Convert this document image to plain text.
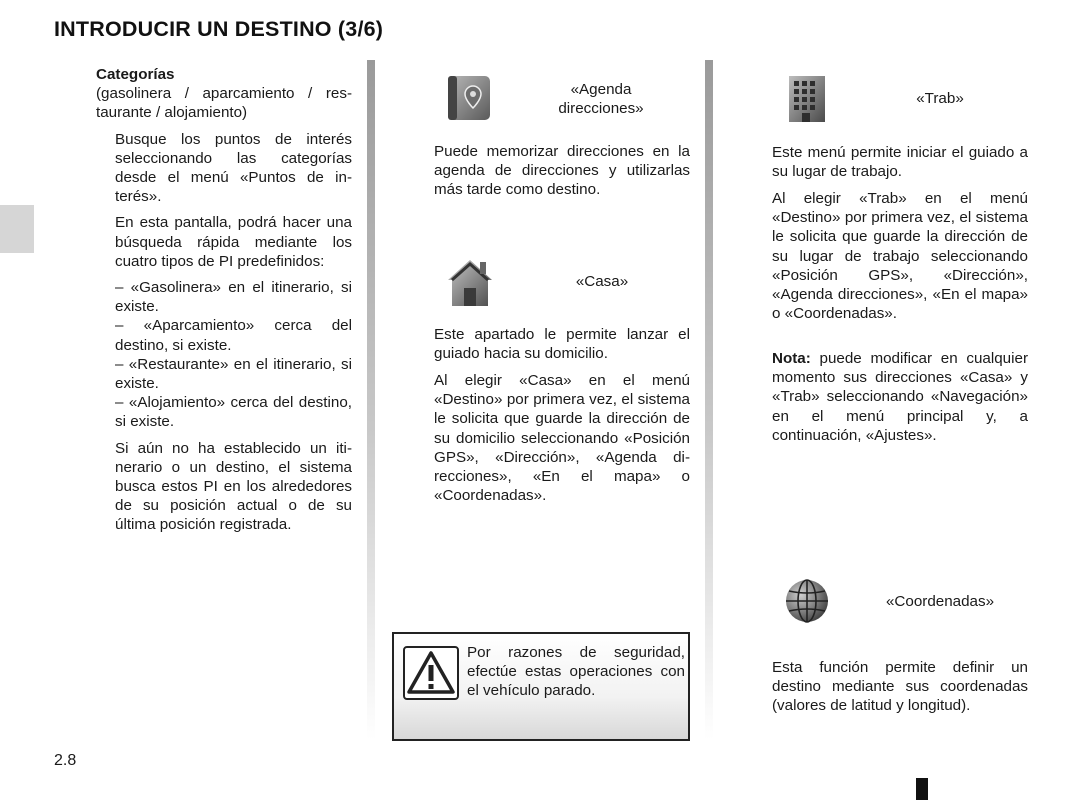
INTRODUCIR UN DESTINO (3/6)
Categorías

(gasolinera / aparcamiento / restaurante / alojamiento)

Busque los puntos de interés seleccionando las categorías desde el menú «Puntos de interés».

En esta pantalla, podrá hacer una búsqueda rápida mediante los cuatro tipos de PI predefinidos:

– «Gasolinera» en el itinerario, si existe.

– «Aparcamiento» cerca del destino, si existe.

– «Restaurante» en el itinerario, si existe.

– «Alojamiento» cerca del destino, si existe.

Si aún no ha establecido un itinerario o un destino, el sistema busca estos PI en los alrededores de su posición actual o de su última posición registrada.

«Agenda direcciones»
Puede memorizar direcciones en la agenda de direcciones y utilizarlas más tarde como destino.
«Casa»
Este apartado le permite lanzar el guiado hacia su domicilio.
Al elegir «Casa» en el menú «Destino» por primera vez, el sistema le solicita que guarde la dirección de su domicilio seleccionando «Posición GPS», «Dirección», «Agenda direcciones», «En el mapa» o «Coordenadas».
Por razones de seguridad, efectúe estas operaciones con el vehículo parado.
«Trab»
Este menú permite iniciar el guiado a su lugar de trabajo.
Al elegir «Trab» en el menú «Destino» por primera vez, el sistema le solicita que guarde la dirección de su lugar de trabajo seleccionando «Posición GPS», «Dirección», «Agenda direcciones», «En el mapa» o «Coordenadas».
Nota: puede modificar en cualquier momento sus direcciones «Casa» y «Trab» seleccionando «Navegación» en el menú principal y, a continuación, «Ajustes».
«Coordenadas»
Esta función permite definir un destino mediante sus coordenadas (valores de latitud y longitud).
2.8
